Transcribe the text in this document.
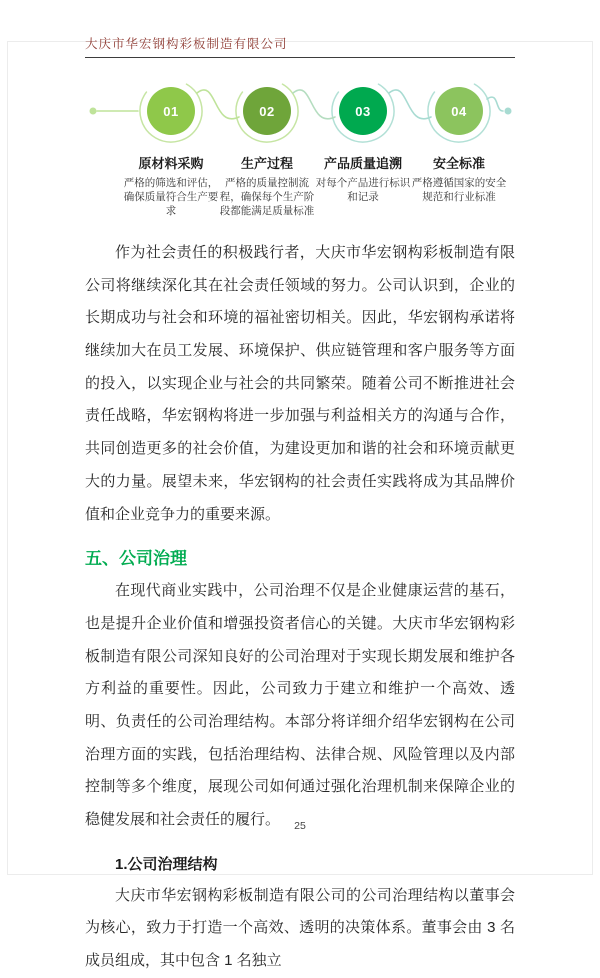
大庆市华宏钢构彩板制造有限公司
01
原材料采购
严格的筛选和评估，确保质量符合生产要求
02
生产过程
严格的质量控制流程，确保每个生产阶段都能满足质量标准
03
产品质量追溯
对每个产品进行标识和记录
04
安全标准
严格遵循国家的安全规范和行业标准

作为社会责任的积极践行者，大庆市华宏钢构彩板制造有限公司将继续深化其在社会责任领域的努力。公司认识到，企业的长期成功与社会和环境的福祉密切相关。因此，华宏钢构承诺将继续加大在员工发展、环境保护、供应链管理和客户服务等方面的投入，以实现企业与社会的共同繁荣。随着公司不断推进社会责任战略，华宏钢构将进一步加强与利益相关方的沟通与合作，共同创造更多的社会价值，为建设更加和谐的社会和环境贡献更大的力量。展望未来，华宏钢构的社会责任实践将成为其品牌价值和企业竞争力的重要来源。

五、公司治理

在现代商业实践中，公司治理不仅是企业健康运营的基石，也是提升企业价值和增强投资者信心的关键。大庆市华宏钢构彩板制造有限公司深知良好的公司治理对于实现长期发展和维护各方利益的重要性。因此，公司致力于建立和维护一个高效、透明、负责任的公司治理结构。本部分将详细介绍华宏钢构在公司治理方面的实践，包括治理结构、法律合规、风险管理以及内部控制等多个维度，展现公司如何通过强化治理机制来保障企业的稳健发展和社会责任的履行。

1.公司治理结构

大庆市华宏钢构彩板制造有限公司的公司治理结构以董事会为核心，致力于打造一个高效、透明的决策体系。董事会由 3 名成员组成，其中包含 1 名独立

25
